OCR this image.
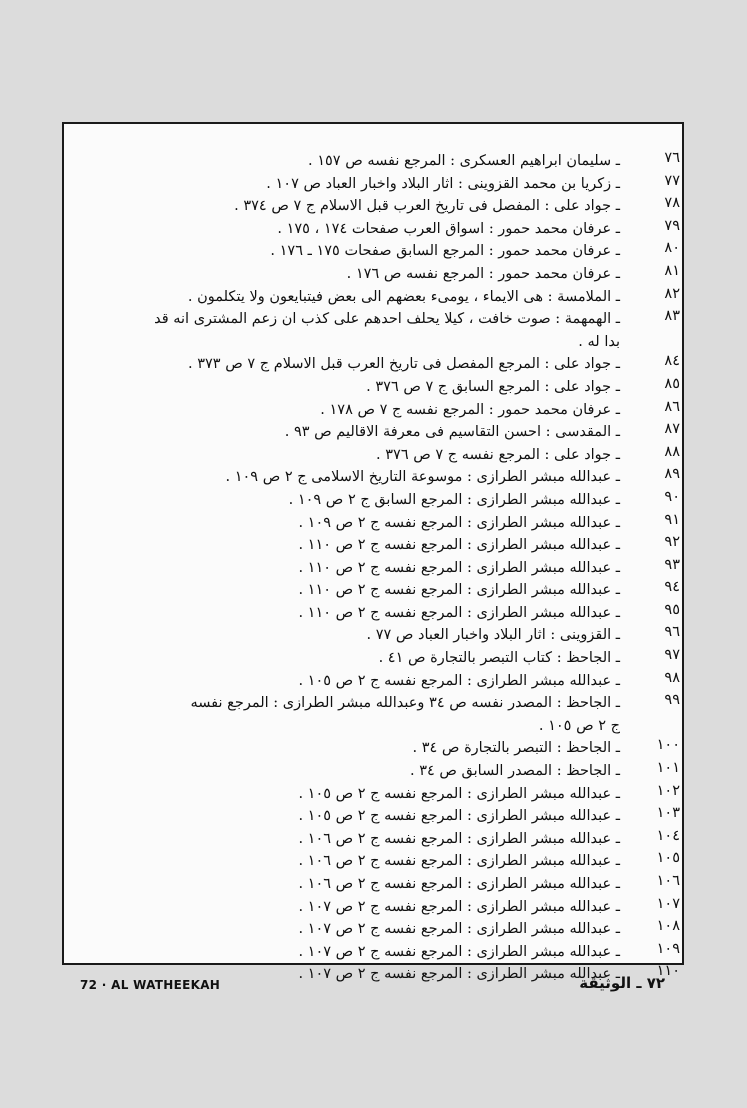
٧٦
ـ سليمان ابراهيم العسكرى : المرجع نفسه ص ١٥٧ .
٧٧
ـ زكريا بن محمد القزوينى : اثار البلاد واخبار العباد ص ١٠٧ .
٧٨
ـ جواد على : المفصل فى تاريخ العرب قبل الاسلام ج ٧ ص ٣٧٤ .
٧٩
ـ عرفان محمد حمور : اسواق العرب صفحات ١٧٤ ، ١٧٥ .
٨٠
ـ عرفان محمد حمور : المرجع السابق صفحات ١٧٥ ـ ١٧٦ .
٨١
ـ عرفان محمد حمور : المرجع نفسه ص ١٧٦ .
٨٢
ـ الملامسة : هى الايماء ، يومىء بعضهم الى بعض فيتبايعون ولا يتكلمون .
٨٣
ـ الهمهمة : صوت خافت ، كيلا يحلف احدهم على كذب ان زعم المشترى انه قد
بدا له .
٨٤
ـ جواد على : المرجع المفصل فى تاريخ العرب قبل الاسلام ج ٧ ص ٣٧٣ .
٨٥
ـ جواد على : المرجع السابق ج ٧ ص ٣٧٦ .
٨٦
ـ عرفان محمد حمور : المرجع نفسه ج ٧ ص ١٧٨ .
٨٧
ـ المقدسى : احسن التقاسيم فى معرفة الاقاليم ص ٩٣ .
٨٨
ـ جواد على : المرجع نفسه ج ٧ ص ٣٧٦ .
٨٩
ـ عبدالله مبشر الطرازى : موسوعة التاريخ الاسلامى ج ٢ ص ١٠٩ .
٩٠
ـ عبدالله مبشر الطرازى : المرجع السابق ج ٢ ص ١٠٩ .
٩١
ـ عبدالله مبشر الطرازى : المرجع نفسه ج ٢ ص ١٠٩ .
٩٢
ـ عبدالله مبشر الطرازى : المرجع نفسه ج ٢ ص ١١٠ .
٩٣
ـ عبدالله مبشر الطرازى : المرجع نفسه ج ٢ ص ١١٠ .
٩٤
ـ عبدالله مبشر الطرازى : المرجع نفسه ج ٢ ص ١١٠ .
٩٥
ـ عبدالله مبشر الطرازى : المرجع نفسه ج ٢ ص ١١٠ .
٩٦
ـ القزوينى : اثار البلاد واخبار العباد ص ٧٧ .
٩٧
ـ الجاحظ : كتاب التبصر بالتجارة ص ٤١ .
٩٨
ـ عبدالله مبشر الطرازى : المرجع نفسه ج ٢ ص ١٠٥ .
٩٩
ـ الجاحظ : المصدر نفسه ص ٣٤ وعبدالله مبشر الطرازى : المرجع نفسه
ج ٢ ص ١٠٥ .
١٠٠
ـ الجاحظ : التبصر بالتجارة ص ٣٤ .
١٠١
ـ الجاحظ : المصدر السابق ص ٣٤ .
١٠٢
ـ عبدالله مبشر الطرازى : المرجع نفسه ج ٢ ص ١٠٥ .
١٠٣
ـ عبدالله مبشر الطرازى : المرجع نفسه ج ٢ ص ١٠٥ .
١٠٤
ـ عبدالله مبشر الطرازى : المرجع نفسه ج ٢ ص ١٠٦ .
١٠٥
ـ عبدالله مبشر الطرازى : المرجع نفسه ج ٢ ص ١٠٦ .
١٠٦
ـ عبدالله مبشر الطرازى : المرجع نفسه ج ٢ ص ١٠٦ .
١٠٧
ـ عبدالله مبشر الطرازى : المرجع نفسه ج ٢ ص ١٠٧ .
١٠٨
ـ عبدالله مبشر الطرازى : المرجع نفسه ج ٢ ص ١٠٧ .
١٠٩
ـ عبدالله مبشر الطرازى : المرجع نفسه ج ٢ ص ١٠٧ .
١١٠
ـ عبدالله مبشر الطرازى : المرجع نفسه ج ٢ ص ١٠٧ .
72 · AL WATHEEKAH	٧٢ ـ الوثيقة
